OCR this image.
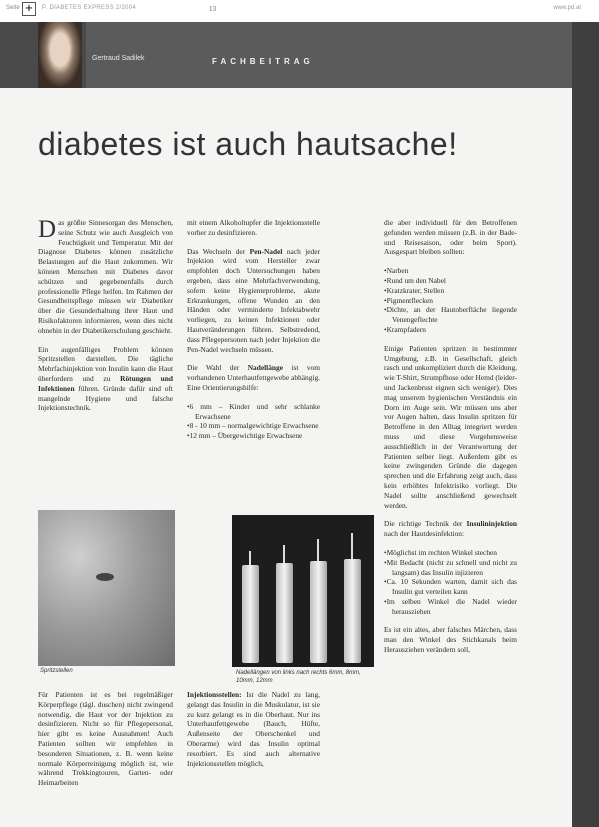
Seite +	P. DIABETES EXPRESS 2/2004	13	www.pd.at
Gertraud Sadilek	FACHBEITRAG
diabetes ist auch hautsache!

Das größte Sinnesorgan des Menschen, seine Schutz wie auch Ausgleich von Feuchtigkeit und Temperatur. Mit der Diagnose Diabetes können zusätzliche Belastungen auf die Haut zukommen. Wir können Menschen mit Diabetes davor schützen und gegebenenfalls durch professionelle Pflege helfen. Im Rahmen der Gesundheitspflege müssen wir Diabetiker über die Gesunderhaltung ihrer Haut und Risikofaktoren informieren, wenn dies nicht ohnehin in der Diabetikerschulung geschieht.

Ein augenfälliges Problem können Spritzstellen darstellen. Die tägliche Mehrfachinjektion von Insulin kann die Haut überfordern und zu Rötungen und Infektionen führen. Gründe dafür sind oft mangelnde Hygiene und falsche Injektionstechnik.

Spritzstellen

Für Patienten ist es bei regelmäßiger Körperpflege (tägl. duschen) nicht zwingend notwendig, die Haut vor der Injektion zu desinfizieren. Nicht so für Pflegepersonal, hier gibt es keine Ausnahmen! Auch Patienten sollten wir empfehlen in besonderen Situationen, z. B. wenn keine normale Körperreinigung möglich ist, wie während Trekkingtouren, Garten- oder Heimarbeiten

mit einem Alkoholtupfer die Injektionsstelle vorher zu desinfizieren.

Das Wechseln der Pen-Nadel nach jeder Injektion wird vom Hersteller zwar empfohlen doch Untersuchungen haben ergeben, dass eine Mehrfachverwendung, sofern keine Hygienteprobleme, akute Erkrankungen, offene Wunden an den Händen oder verminderte Infektabwehr vorliegen, zu keinen Infektionen oder Hautveränderungen führen. Selbstredend, dass Pflegepersonen nach jeder Injektion die Pen-Nadel wechseln müssen.

Die Wahl der Nadellänge ist vom vorhandenen Unterhautfettgewebe abhängig. Eine Orientierungshilfe:

• 6 mm – Kinder und sehr schlanke Erwachsene
• 8 - 10 mm – normalgewichtige Erwachsene
• 12 mm – Übergewichtige Erwachsene
Nadellängen von links nach rechts 6mm, 8mm, 10mm, 12mm

Injektionsstellen: Ist die Nadel zu lang, gelangt das Insulin in die Muskulatur, ist sie zu kurz gelangt es in die Oberhaut. Nur ins Unterhautfettgewebe (Bauch, Hüfte, Außenseite der Oberschenkel und Oberarme) wird das Insulin optimal resorbiert. Es sind auch alternative Injektionsstellen möglich,

die aber individuell für den Betroffenen gefunden werden müssen (z.B. in der Bade- und Reisesaison, oder beim Sport). Ausgespart bleiben sollten:

• Narben
• Rund um den Nabel
• Kratzkrater, Stellen
• Pigmentflecken
• Dichte, an der Hautoberfläche liegende Venengeflechte
• Krampfadern

Einige Patienten spritzen in bestimmter Umgebung, z.B. in Gesellschaft, gleich rasch und unkompliziert durch die Kleidung, wie T-Shirt, Strumpfhose oder Hemd (leider- und Jackenbrust eignen sich weniger). Dies mag unserem hygienischen Verständnis ein Dorn im Auge sein. Wir müssen uns aber vor Augen halten, dass Insulin spritzen für Betroffene in den Alltag integriert werden muss und diese Vorgehensweise ausschließlich in der Verantwortung der Patienten selber liegt. Außerdem gibt es keine zwingenden Gründe die dagegen sprechen und die Erfahrung zeigt auch, dass kein erhöhtes Infektrisiko vorliegt. Die Nadel sollte anschließend gewechselt werden.

Die richtige Technik der Insulininjektion nach der Hautdesinfektion:

• Möglichst im rechten Winkel stechen
• Mit Bedacht (nicht zu schnell und nicht zu langsam) das Insulin injizieren
• Ca. 10 Sekunden warten, damit sich das Insulin gut verteilen kann
• Im selben Winkel die Nadel wieder herausziehen

Es ist ein altes, aber falsches Märchen, dass man den Winkel des Stichkanals beim Herausziehen verändern soll,
